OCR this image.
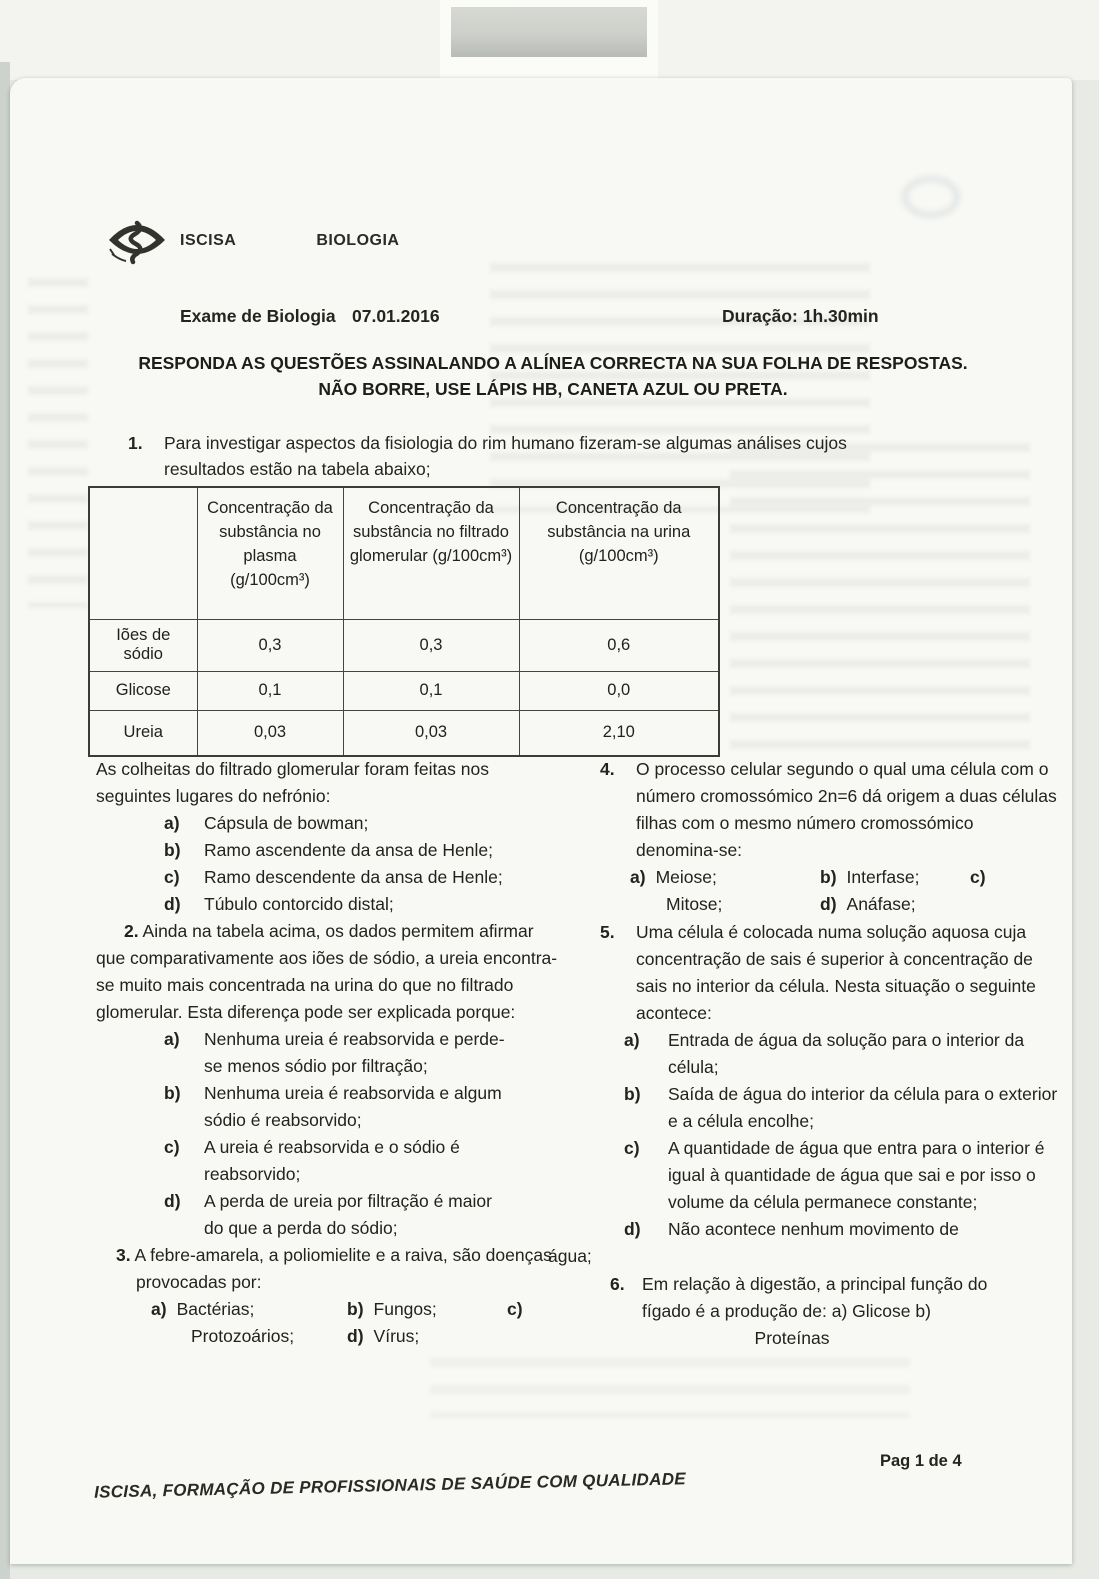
ISCISA	BIOLOGIA
Exame de Biologia 07.01.2016	Duração: 1h.30min
RESPONDA AS QUESTÕES ASSINALANDO A ALÍNEA CORRECTA NA SUA FOLHA DE RESPOSTAS. NÃO BORRE, USE LÁPIS HB, CANETA AZUL OU PRETA.
1.	Para investigar aspectos da fisiologia do rim humano fizeram-se algumas análises cujos resultados estão na tabela abaixo;
	Concentração da substância no plasma (g/100cm³)	Concentração da substância no filtrado glomerular (g/100cm³)	Concentração da substância na urina (g/100cm³)
Iões de sódio	0,3	0,3	0,6
Glicose	0,1	0,1	0,0
Ureia	0,03	0,03	2,10

As colheitas do filtrado glomerular foram feitas nos seguintes lugares do nefrónio:

a)	Cápsula de bowman;
b)	Ramo ascendente da ansa de Henle;
c)	Ramo descendente da ansa de Henle;
d)	Túbulo contorcido distal;

2. Ainda na tabela acima, os dados permitem afirmar que comparativamente aos iões de sódio, a ureia encontra-se muito mais concentrada na urina do que no filtrado glomerular. Esta diferença pode ser explicada porque:

a)	Nenhuma ureia é reabsorvida e perde-se menos sódio por filtração;
b)	Nenhuma ureia é reabsorvida e algum sódio é reabsorvido;
c)	A ureia é reabsorvida e o sódio é reabsorvido;
d)	A perda de ureia por filtração é maior do que a perda do sódio;

3. A febre-amarela, a poliomielite e a raiva, são doenças provocadas por:

a) Bactérias;	b) Fungos;	c)
Protozoários;	d) Vírus;
4.	O processo celular segundo o qual uma célula com o número cromossómico 2n=6 dá origem a duas células filhas com o mesmo número cromossómico denomina-se:

a) Meiose;	b) Interfase;	c)
Mitose;	d) Anáfase;
5.	Uma célula é colocada numa solução aquosa cuja concentração de sais é superior à concentração de sais no interior da célula. Nesta situação o seguinte acontece:

a)	Entrada de água da solução para o interior da célula;
b)	Saída de água do interior da célula para o exterior e a célula encolhe;
c)	A quantidade de água que entra para o interior é igual à quantidade de água que sai e por isso o volume da célula permanece constante;
d)	Não acontece nenhum movimento de
água;
6. Em relação à digestão, a principal função do fígado é a produção de: a) Glicose b)

Proteínas
Pag 1 de 4
ISCISA, FORMAÇÃO DE PROFISSIONAIS DE SAÚDE COM QUALIDADE
